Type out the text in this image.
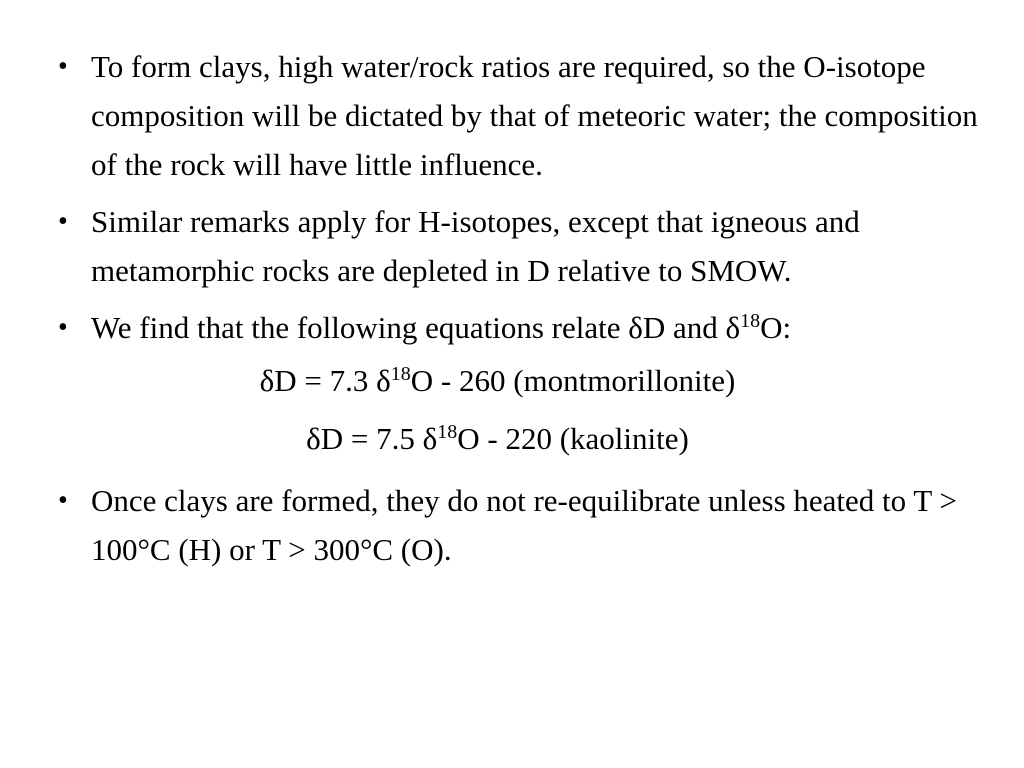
• To form clays, high water/rock ratios are required, so the O-isotope composition will be dictated by that of meteoric water; the composition of the rock will have little influence.
• Similar remarks apply for H-isotopes, except that igneous and metamorphic rocks are depleted in D relative to SMOW.
• We find that the following equations relate δD and $\delta^{18}O$:
δD = 7.3 $\delta^{18}O - 260$ (montmorillonite)
δD = 7.5 $\delta^{18}O - 220$ (kaolinite)
• Once clays are formed, they do not re-equilibrate unless heated to T > 100°C (H) or T > 300°C (O).
